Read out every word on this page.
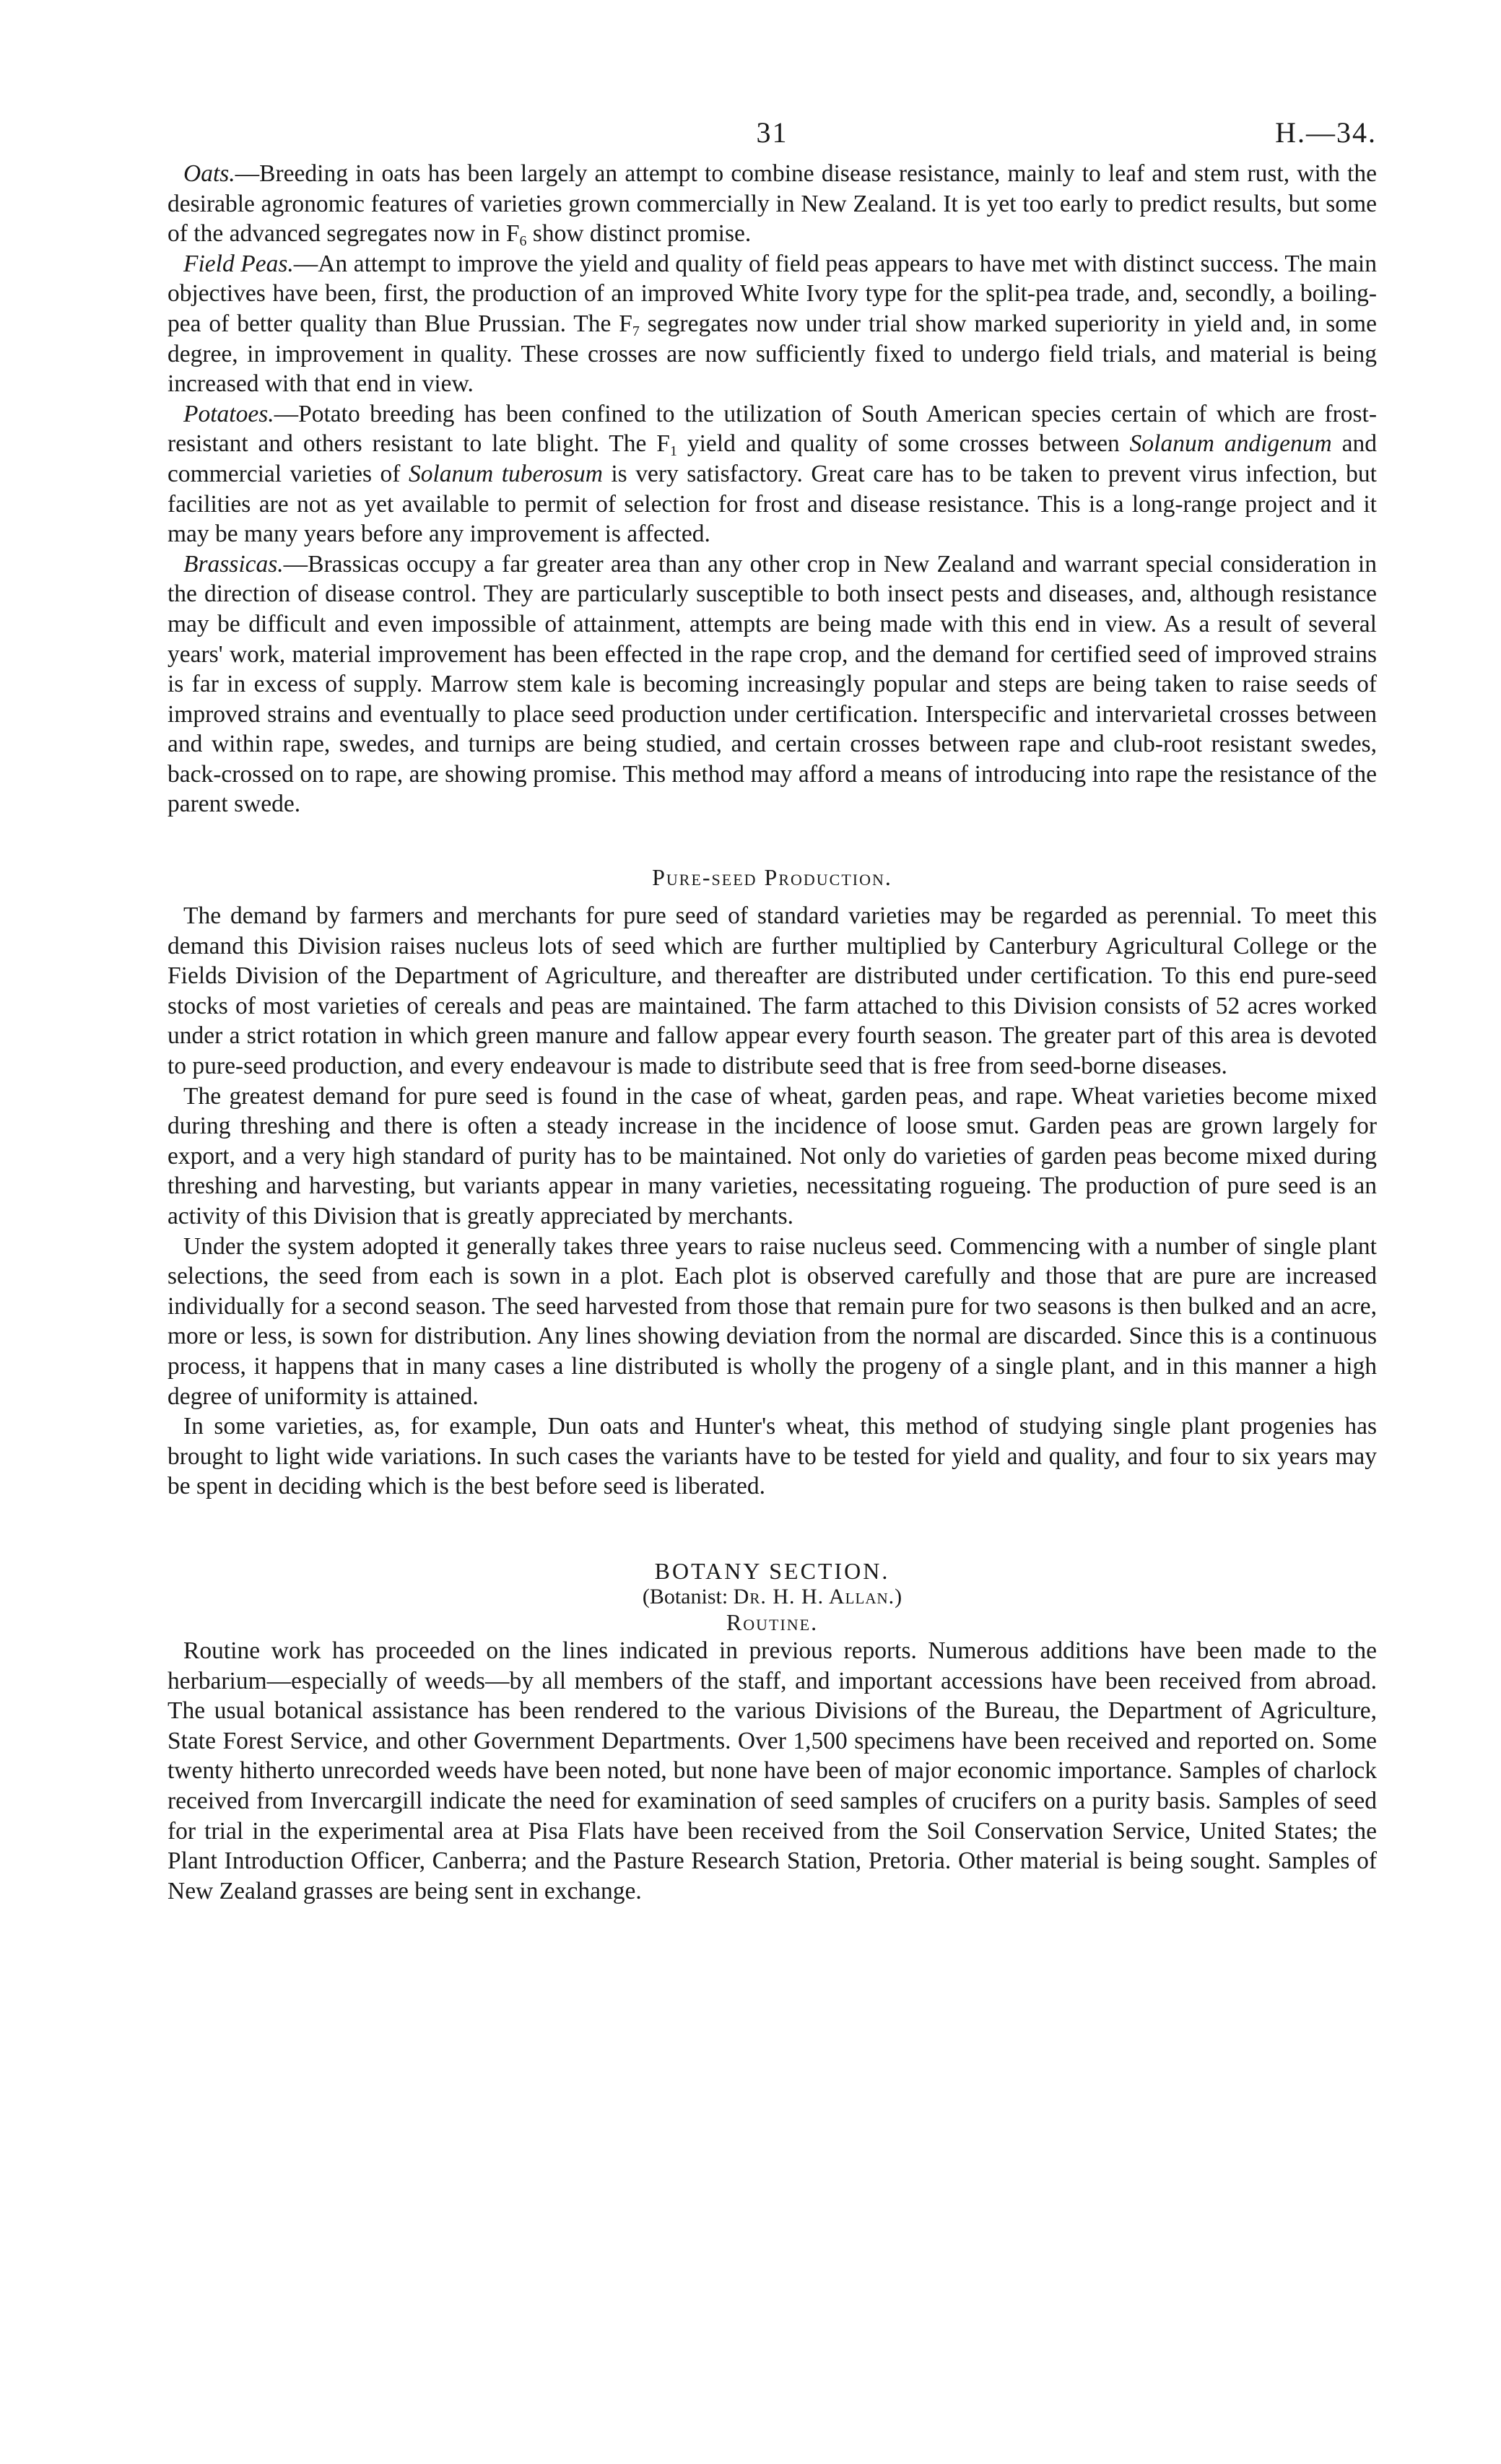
31	H.—34.

Oats.—Breeding in oats has been largely an attempt to combine disease resistance, mainly to leaf and stem rust, with the desirable agronomic features of varieties grown commercially in New Zealand. It is yet too early to predict results, but some of the advanced segregates now in $F_6$ show distinct promise.

Field Peas.—An attempt to improve the yield and quality of field peas appears to have met with distinct success. The main objectives have been, first, the production of an improved White Ivory type for the split-pea trade, and, secondly, a boiling-pea of better quality than Blue Prussian. The $F_7$ segregates now under trial show marked superiority in yield and, in some degree, in improvement in quality. These crosses are now sufficiently fixed to undergo field trials, and material is being increased with that end in view.

Potatoes.—Potato breeding has been confined to the utilization of South American species certain of which are frost-resistant and others resistant to late blight. The $F_1$ yield and quality of some crosses between Solanum andigenum and commercial varieties of Solanum tuberosum is very satisfactory. Great care has to be taken to prevent virus infection, but facilities are not as yet available to permit of selection for frost and disease resistance. This is a long-range project and it may be many years before any improvement is affected.

Brassicas.—Brassicas occupy a far greater area than any other crop in New Zealand and warrant special consideration in the direction of disease control. They are particularly susceptible to both insect pests and diseases, and, although resistance may be difficult and even impossible of attainment, attempts are being made with this end in view. As a result of several years' work, material improvement has been effected in the rape crop, and the demand for certified seed of improved strains is far in excess of supply. Marrow stem kale is becoming increasingly popular and steps are being taken to raise seeds of improved strains and eventually to place seed production under certification. Interspecific and intervarietal crosses between and within rape, swedes, and turnips are being studied, and certain crosses between rape and club-root resistant swedes, back-crossed on to rape, are showing promise. This method may afford a means of introducing into rape the resistance of the parent swede.

Pure-seed Production.

The demand by farmers and merchants for pure seed of standard varieties may be regarded as perennial. To meet this demand this Division raises nucleus lots of seed which are further multiplied by Canterbury Agricultural College or the Fields Division of the Department of Agriculture, and thereafter are distributed under certification. To this end pure-seed stocks of most varieties of cereals and peas are maintained. The farm attached to this Division consists of 52 acres worked under a strict rotation in which green manure and fallow appear every fourth season. The greater part of this area is devoted to pure-seed production, and every endeavour is made to distribute seed that is free from seed-borne diseases.

The greatest demand for pure seed is found in the case of wheat, garden peas, and rape. Wheat varieties become mixed during threshing and there is often a steady increase in the incidence of loose smut. Garden peas are grown largely for export, and a very high standard of purity has to be maintained. Not only do varieties of garden peas become mixed during threshing and harvesting, but variants appear in many varieties, necessitating rogueing. The production of pure seed is an activity of this Division that is greatly appreciated by merchants.

Under the system adopted it generally takes three years to raise nucleus seed. Commencing with a number of single plant selections, the seed from each is sown in a plot. Each plot is observed carefully and those that are pure are increased individually for a second season. The seed harvested from those that remain pure for two seasons is then bulked and an acre, more or less, is sown for distribution. Any lines showing deviation from the normal are discarded. Since this is a continuous process, it happens that in many cases a line distributed is wholly the progeny of a single plant, and in this manner a high degree of uniformity is attained.

In some varieties, as, for example, Dun oats and Hunter's wheat, this method of studying single plant progenies has brought to light wide variations. In such cases the variants have to be tested for yield and quality, and four to six years may be spent in deciding which is the best before seed is liberated.

BOTANY SECTION.
(Botanist: Dr. H. H. Allan.)
Routine.

Routine work has proceeded on the lines indicated in previous reports. Numerous additions have been made to the herbarium—especially of weeds—by all members of the staff, and important accessions have been received from abroad. The usual botanical assistance has been rendered to the various Divisions of the Bureau, the Department of Agriculture, State Forest Service, and other Government Departments. Over 1,500 specimens have been received and reported on. Some twenty hitherto unrecorded weeds have been noted, but none have been of major economic importance. Samples of charlock received from Invercargill indicate the need for examination of seed samples of crucifers on a purity basis. Samples of seed for trial in the experimental area at Pisa Flats have been received from the Soil Conservation Service, United States; the Plant Introduction Officer, Canberra; and the Pasture Research Station, Pretoria. Other material is being sought. Samples of New Zealand grasses are being sent in exchange.
